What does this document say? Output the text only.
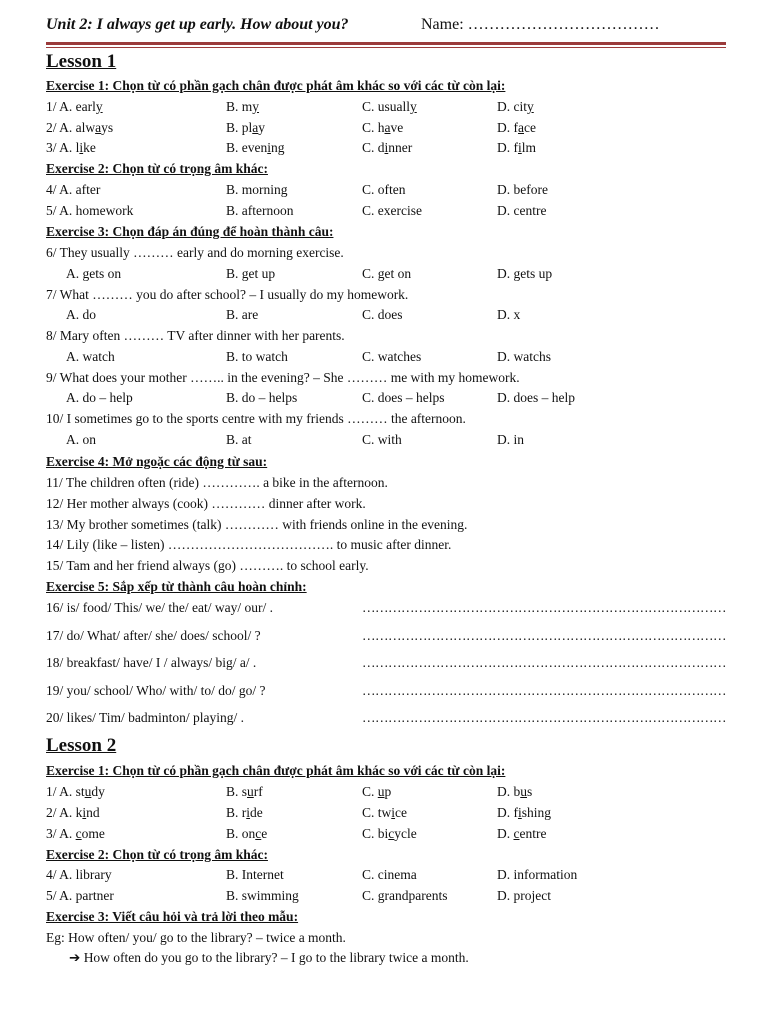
Unit 2: I always get up early. How about you?	Name: ………………………………
Lesson 1
Exercise 1: Chọn từ có phần gạch chân được phát âm khác so với các từ còn lại:
1/ A. early	B. my	C. usually	D. city
2/ A. always	B. play	C. have	D. face
3/ A. like	B. evening	C. dinner	D. film
Exercise 2: Chọn từ có trọng âm khác:
4/ A. after	B. morning	C. often	D. before
5/ A. homework	B. afternoon	C. exercise	D. centre
Exercise 3: Chọn đáp án đúng để hoàn thành câu:
6/ They usually ……… early and do morning exercise.
A. gets on	B. get up	C. get on	D. gets up
7/ What ……… you do after school? – I usually do my homework.
A. do	B. are	C. does	D. x
8/ Mary often ……… TV after dinner with her parents.
A. watch	B. to watch	C. watches	D. watchs
9/ What does your mother …….. in the evening? – She ……… me with my homework.
A. do – help	B. do – helps	C. does – helps	D. does – help
10/ I sometimes go to the sports centre with my friends ……… the afternoon.
A. on	B. at	C. with	D. in
Exercise 4: Mở ngoặc các động từ sau:
11/ The children often (ride) …………. a bike in the afternoon.
12/ Her mother always (cook) ………… dinner after work.
13/ My brother sometimes (talk) ………… with friends online in the evening.
14/ Lily (like – listen) ………………………………. to music after dinner.
15/ Tam and her friend always (go) ………. to school early.
Exercise 5: Sắp xếp từ thành câu hoàn chỉnh:
16/ is/ food/ This/ we/ the/ eat/ way/ our/ .	…………………………………………………………………………
17/ do/ What/ after/ she/ does/ school/ ?	…………………………………………………………………………
18/ breakfast/ have/ I / always/ big/ a/ .	…………………………………………………………………………
19/ you/ school/ Who/ with/ to/ do/ go/ ?	…………………………………………………………………………
20/ likes/ Tim/ badminton/ playing/ .	…………………………………………………………………………
Lesson 2
Exercise 1: Chọn từ có phần gạch chân được phát âm khác so với các từ còn lại:
1/ A. study	B. surf	C. up	D. bus
2/ A. kind	B. ride	C. twice	D. fishing
3/ A. come	B. once	C. bicycle	D. centre
Exercise 2: Chọn từ có trọng âm khác:
4/ A. library	B. Internet	C. cinema	D. information
5/ A. partner	B. swimming	C. grandparents	D. project
Exercise 3: Viết câu hỏi và trả lời theo mẫu:
Eg: How often/ you/ go to the library? – twice a month.
➔ How often do you go to the library? – I go to the library twice a month.
